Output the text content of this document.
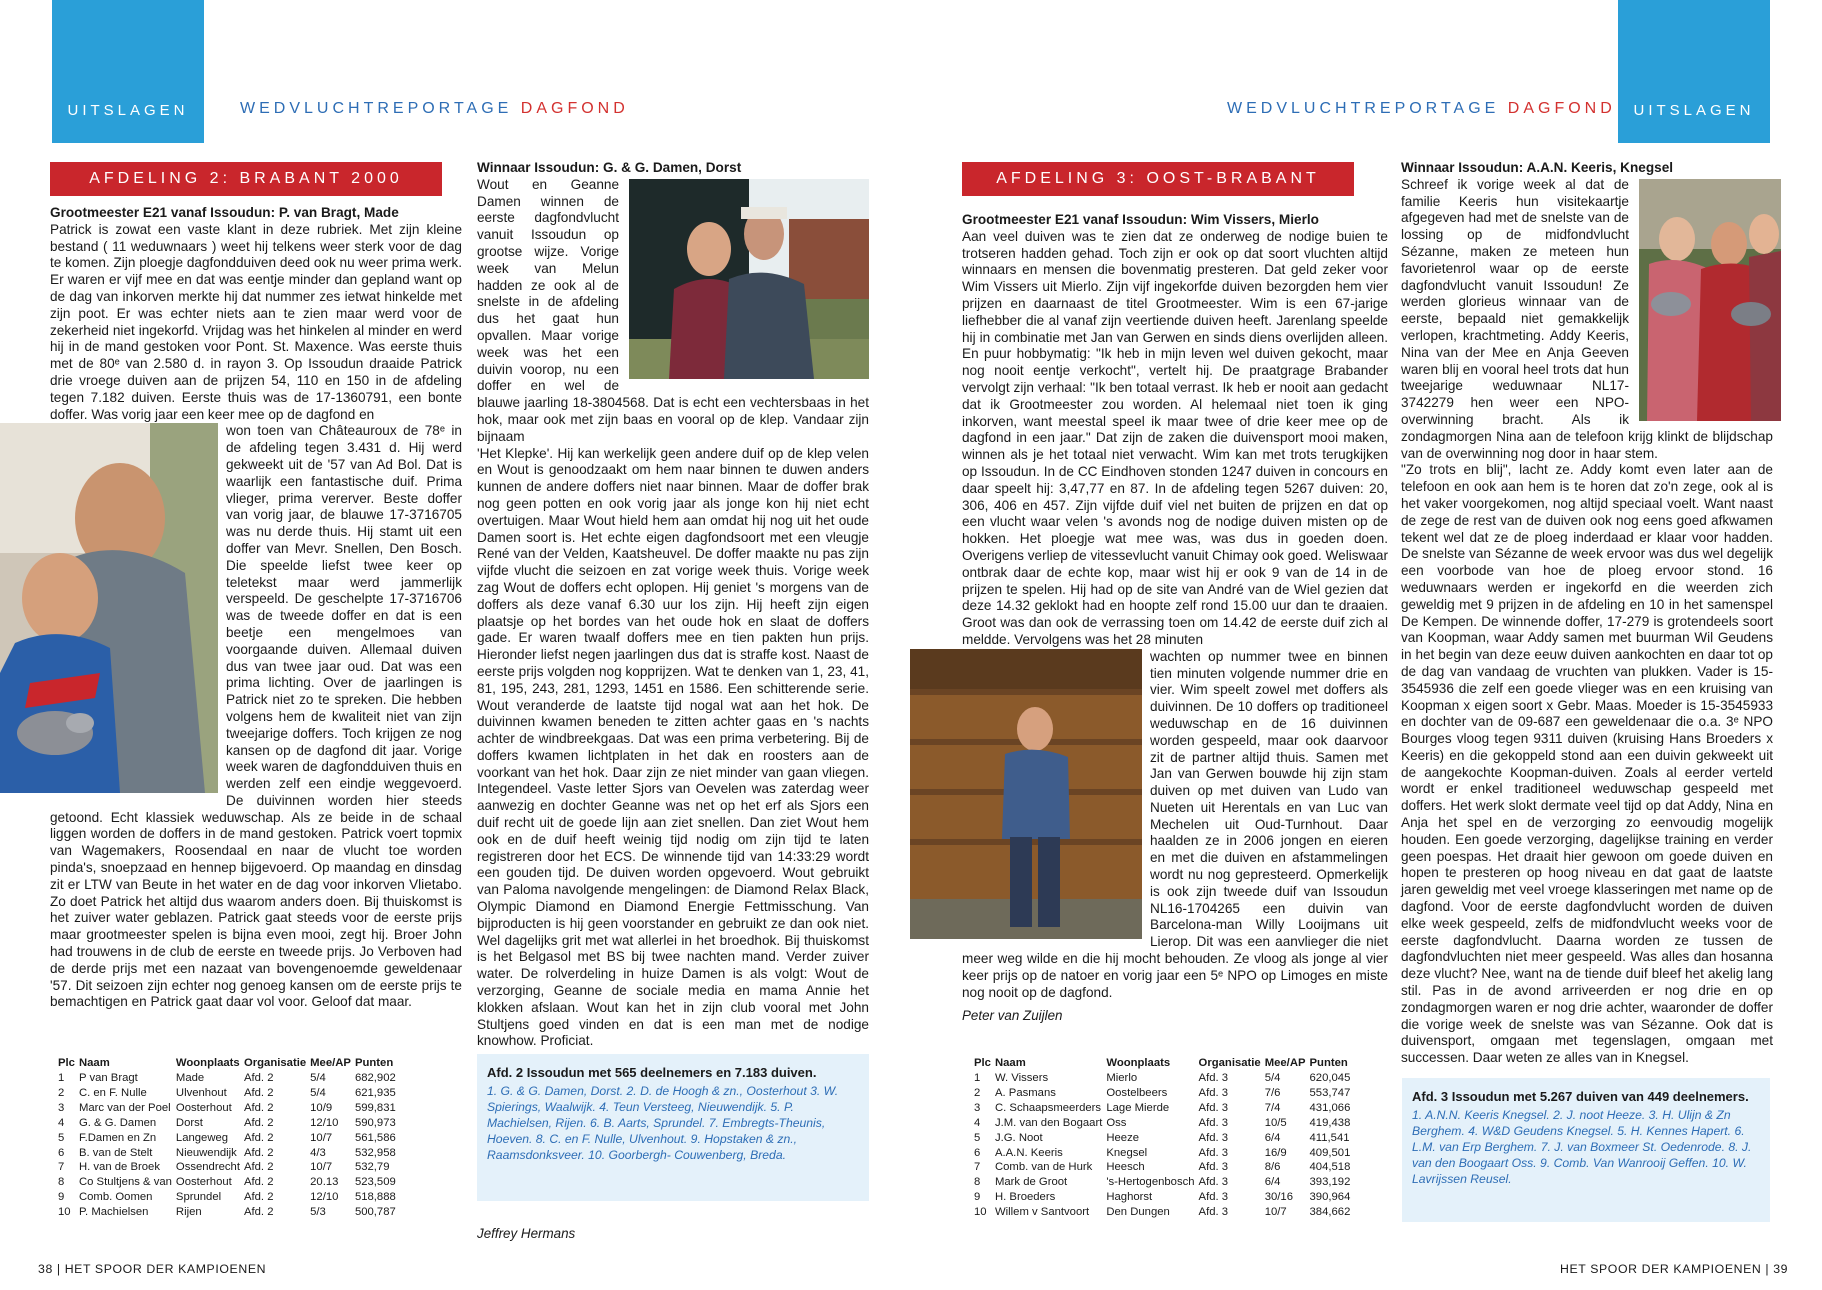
UITSLAGEN	UITSLAGEN
WEDVLUCHTREPORTAGE DAGFOND	WEDVLUCHTREPORTAGE DAGFOND
AFDELING 2: BRABANT 2000
Grootmeester E21 vanaf Issoudun: P. van Bragt, Made

Patrick is zowat een vaste klant in deze rubriek. Met zijn kleine bestand ( 11 weduwnaars ) weet hij telkens weer sterk voor de dag te komen. Zijn ploegje dagfondduiven deed ook nu weer prima werk. Er waren er vijf mee en dat was eentje minder dan gepland want op de dag van inkorven merkte hij dat nummer zes ietwat hinkelde met zijn poot. Er was echter niets aan te zien maar werd voor de zekerheid niet ingekorfd. Vrijdag was het hinkelen al minder en werd hij in de mand gestoken voor Pont. St. Maxence. Was eerste thuis met de 80ᵉ van 2.580 d. in rayon 3. Op Issoudun draaide Patrick drie vroege duiven aan de prijzen 54, 110 en 150 in de afdeling tegen 7.182 duiven. Eerste thuis was de 17-1360791, een bonte doffer. Was vorig jaar een keer mee op de dagfond en

won toen van Châteauroux de 78ᵉ in de afdeling tegen 3.431 d. Hij werd gekweekt uit de '57 van Ad Bol. Dat is waarlijk een fantastische duif. Prima vlieger, prima vererver. Beste doffer van vorig jaar, de blauwe 17-3716705 was nu derde thuis. Hij stamt uit een doffer van Mevr. Snellen, Den Bosch. Die speelde liefst twee keer op teletekst maar werd jammerlijk verspeeld. De geschelpte 17-3716706 was de tweede doffer en dat is een beetje een mengelmoes van voorgaande duiven. Allemaal duiven dus van twee jaar oud. Dat was een prima lichting. Over de jaarlingen is Patrick niet zo te spreken. Die hebben volgens hem de kwaliteit niet van zijn tweejarige doffers. Toch krijgen ze nog kansen op de dagfond dit jaar. Vorige week waren de dagfondduiven thuis en werden zelf een eindje weggevoerd. De duivinnen worden hier steeds getoond. Echt klassiek weduwschap. Als ze beide in de schaal liggen worden de doffers in de mand gestoken. Patrick voert topmix van Wagemakers, Roosendaal en naar de vlucht toe worden pinda's, snoepzaad en hennep bijgevoerd. Op maandag en dinsdag zit er LTW van Beute in het water en de dag voor inkorven Vlietabo. Zo doet Patrick het altijd dus waarom anders doen. Bij thuiskomst is het zuiver water geblazen. Patrick gaat steeds voor de eerste prijs maar grootmeester spelen is bijna even mooi, zegt hij. Broer John had trouwens in de club de eerste en tweede prijs. Jo Verboven had de derde prijs met een nazaat van bovengenoemde geweldenaar '57. Dit seizoen zijn echter nog genoeg kansen om de eerste prijs te bemachtigen en Patrick gaat daar vol voor. Geloof dat maar.

Winnaar Issoudun: G. & G. Damen, Dorst

Wout en Geanne Damen winnen de eerste dagfondvlucht vanuit Issoudun op grootse wijze. Vorige week van Melun hadden ze ook al de snelste in de afdeling dus het gaat hun opvallen. Maar vorige week was het een duivin voorop, nu een doffer en wel de blauwe jaarling 18-3804568. Dat is echt een vechtersbaas in het hok, maar ook met zijn baas en vooral op de klep. Vandaar zijn bijnaam

'Het Klepke'. Hij kan werkelijk geen andere duif op de klep velen en Wout is genoodzaakt om hem naar binnen te duwen anders kunnen de andere doffers niet naar binnen. Maar de doffer brak nog geen potten en ook vorig jaar als jonge kon hij niet echt overtuigen. Maar Wout hield hem aan omdat hij nog uit het oude Damen soort is. Het echte eigen dagfondsoort met een vleugje René van der Velden, Kaatsheuvel. De doffer maakte nu pas zijn vijfde vlucht die seizoen en zat vorige week thuis. Vorige week zag Wout de doffers echt oplopen. Hij geniet 's morgens van de doffers als deze vanaf 6.30 uur los zijn. Hij heeft zijn eigen plaatsje op het bordes van het oude hok en slaat de doffers gade. Er waren twaalf doffers mee en tien pakten hun prijs. Hieronder liefst negen jaarlingen dus dat is straffe kost. Naast de eerste prijs volgden nog kopprijzen. Wat te denken van 1, 23, 41, 81, 195, 243, 281, 1293, 1451 en 1586. Een schitterende serie. Wout veranderde de laatste tijd nogal wat aan het hok. De duivinnen kwamen beneden te zitten achter gaas en 's nachts achter de windbreekgaas. Dat was een prima verbetering. Bij de doffers kwamen lichtplaten in het dak en roosters aan de voorkant van het hok. Daar zijn ze niet minder van gaan vliegen. Integendeel. Vaste letter Sjors van Oevelen was zaterdag weer aanwezig en dochter Geanne was net op het erf als Sjors een duif recht uit de goede lijn aan ziet snellen. Dan ziet Wout hem ook en de duif heeft weinig tijd nodig om zijn tijd te laten registreren door het ECS. De winnende tijd van 14:33:29 wordt een gouden tijd. De duiven worden opgevoerd. Wout gebruikt van Paloma navolgende mengelingen: de Diamond Relax Black, Olympic Diamond en Diamond Energie Fettmisschung. Van bijproducten is hij geen voorstander en gebruikt ze dan ook niet. Wel dagelijks grit met wat allerlei in het broedhok. Bij thuiskomst is het Belgasol met BS bij twee nachten mand. Verder zuiver water. De rolverdeling in huize Damen is als volgt: Wout de verzorging, Geanne de sociale media en mama Annie het klokken afslaan. Wout kan het in zijn club vooral met John Stultjens goed vinden en dat is een man met de nodige knowhow. Proficiat.

Plc	Naam	Woonplaats	Organisatie	Mee/AP	Punten
1	P van Bragt	Made	Afd. 2	5/4	682,902
2	C. en F. Nulle	Ulvenhout	Afd. 2	5/4	621,935
3	Marc van der Poel	Oosterhout	Afd. 2	10/9	599,831
4	G. & G. Damen	Dorst	Afd. 2	12/10	590,973
5	F.Damen en Zn	Langeweg	Afd. 2	10/7	561,586
6	B. van de Stelt	Nieuwendijk	Afd. 2	4/3	532,958
7	H. van de Broek	Ossendrecht	Afd. 2	10/7	532,79
8	Co Stultjens & van	Oosterhout	Afd. 2	20.13	523,509
9	Comb. Oomen	Sprundel	Afd. 2	12/10	518,888
10	P. Machielsen	Rijen	Afd. 2	5/3	500,787
Afd. 2 Issoudun met 565 deelnemers en 7.183 duiven.
1. G. & G. Damen, Dorst. 2. D. de Hoogh & zn., Oosterhout 3. W. Spierings, Waalwijk. 4. Teun Versteeg, Nieuwendijk. 5. P. Machielsen, Rijen. 6. B. Aarts, Sprundel. 7. Embregts-Theunis, Hoeven. 8. C. en F. Nulle, Ulvenhout. 9. Hopstaken & zn., Raamsdonksveer. 10. Goorbergh- Couwenberg, Breda.
Jeffrey Hermans
38 | HET SPOOR DER KAMPIOENEN
AFDELING 3: OOST-BRABANT
Grootmeester E21 vanaf Issoudun: Wim Vissers, Mierlo

Aan veel duiven was te zien dat ze onderweg de nodige buien te trotseren hadden gehad. Toch zijn er ook op dat soort vluchten altijd winnaars en mensen die bovenmatig presteren. Dat geld zeker voor Wim Vissers uit Mierlo. Zijn vijf ingekorfde duiven bezorgden hem vier prijzen en daarnaast de titel Grootmeester. Wim is een 67-jarige liefhebber die al vanaf zijn veertiende duiven heeft. Jarenlang speelde hij in combinatie met Jan van Gerwen en sinds diens overlijden alleen. En puur hobbymatig: "Ik heb in mijn leven wel duiven gekocht, maar nog nooit eentje verkocht", vertelt hij. De praatgrage Brabander vervolgt zijn verhaal: "Ik ben totaal verrast. Ik heb er nooit aan gedacht dat ik Grootmeester zou worden. Al helemaal niet toen ik ging inkorven, want meestal speel ik maar twee of drie keer mee op de dagfond in een jaar." Dat zijn de zaken die duivensport mooi maken, winnen als je het totaal niet verwacht. Wim kan met trots terugkijken op Issoudun. In de CC Eindhoven stonden 1247 duiven in concours en daar speelt hij: 3,47,77 en 87. In de afdeling tegen 5267 duiven: 20, 306, 406 en 457. Zijn vijfde duif viel net buiten de prijzen en dat op een vlucht waar velen 's avonds nog de nodige duiven misten op de hokken. Het ploegje wat mee was, was dus in goeden doen. Overigens verliep de vitessevlucht vanuit Chimay ook goed. Weliswaar ontbrak daar de echte kop, maar wist hij er ook 9 van de 14 in de prijzen te spelen. Hij had op de site van André van de Wiel gezien dat deze 14.32 geklokt had en hoopte zelf rond 15.00 uur dan te draaien. Groot was dan ook de verrassing toen om 14.42 de eerste duif zich al meldde. Vervolgens was het 28 minuten

wachten op nummer twee en binnen tien minuten volgende nummer drie en vier. Wim speelt zowel met doffers als duivinnen. De 10 doffers op traditioneel weduwschap en de 16 duivinnen worden gespeeld, maar ook daarvoor zit de partner altijd thuis. Samen met Jan van Gerwen bouwde hij zijn stam duiven op met duiven van Ludo van Nueten uit Herentals en van Luc van Mechelen uit Oud-Turnhout. Daar haalden ze in 2006 jongen en eieren en met die duiven en afstammelingen wordt nu nog gepresteerd. Opmerkelijk is ook zijn tweede duif van Issoudun NL16-1704265 een duivin van Barcelona-man Willy Looijmans uit Lierop. Dit was een aanvlieger die niet meer weg wilde en die hij mocht behouden. Ze vloog als jonge al vier keer prijs op de natoer en vorig jaar een 5ᵉ NPO op Limoges en miste nog nooit op de dagfond.

Peter van Zuijlen
Winnaar Issoudun: A.A.N. Keeris, Knegsel

Schreef ik vorige week al dat de familie Keeris hun visitekaartje afgegeven had met de snelste van de lossing op de midfondvlucht Sézanne, maken ze meteen hun favorietenrol waar op de eerste dagfondvlucht vanuit Issoudun! Ze werden glorieus winnaar van de eerste, bepaald niet gemakkelijk verlopen, krachtmeting. Addy Keeris, Nina van der Mee en Anja Geeven waren blij en vooral heel trots dat hun tweejarige weduwnaar NL17-3742279 hen weer een NPO-overwinning bracht. Als ik zondagmorgen Nina aan de telefoon krijg klinkt de blijdschap van de overwinning nog door in haar stem.

"Zo trots en blij", lacht ze. Addy komt even later aan de telefoon en ook aan hem is te horen dat zo'n zege, ook al is het vaker voorgekomen, nog altijd speciaal voelt. Want naast de zege de rest van de duiven ook nog eens goed afkwamen tekent wel dat ze de ploeg inderdaad er klaar voor hadden. De snelste van Sézanne de week ervoor was dus wel degelijk een voorbode van hoe de ploeg ervoor stond. 16 weduwnaars werden er ingekorfd en die weerden zich geweldig met 9 prijzen in de afdeling en 10 in het samenspel De Kempen. De winnende doffer, 17-279 is grotendeels soort van Koopman, waar Addy samen met buurman Wil Geudens in het begin van deze eeuw duiven aankochten en daar tot op de dag van vandaag de vruchten van plukken. Vader is 15-3545936 die zelf een goede vlieger was en een kruising van Koopman x eigen soort x Gebr. Maas. Moeder is 15-3545933 en dochter van de 09-687 een geweldenaar die o.a. 3ᵉ NPO Bourges vloog tegen 9311 duiven (kruising Hans Broeders x Keeris) en die gekoppeld stond aan een duivin gekweekt uit de aangekochte Koopman-duiven. Zoals al eerder verteld wordt er enkel traditioneel weduwschap gespeeld met doffers. Het werk slokt dermate veel tijd op dat Addy, Nina en Anja het spel en de verzorging zo eenvoudig mogelijk houden. Een goede verzorging, dagelijkse training en verder geen poespas. Het draait hier gewoon om goede duiven en hopen te presteren op hoog niveau en dat gaat de laatste jaren geweldig met veel vroege klasseringen met name op de dagfond. Voor de eerste dagfondvlucht worden de duiven elke week gespeeld, zelfs de midfondvlucht weeks voor de eerste dagfondvlucht. Daarna worden ze tussen de dagfondvluchten niet meer gespeeld. Was alles dan hosanna deze vlucht? Nee, want na de tiende duif bleef het akelig lang stil. Pas in de avond arriveerden er nog drie en op zondagmorgen waren er nog drie achter, waaronder de doffer die vorige week de snelste was van Sézanne. Ook dat is duivensport, omgaan met tegenslagen, omgaan met successen. Daar weten ze alles van in Knegsel.

Plc	Naam	Woonplaats	Organisatie	Mee/AP	Punten
1	W. Vissers	Mierlo	Afd. 3	5/4	620,045
2	A. Pasmans	Oostelbeers	Afd. 3	7/6	553,747
3	C. Schaapsmeerders	Lage Mierde	Afd. 3	7/4	431,066
4	J.M. van den Bogaart	Oss	Afd. 3	10/5	419,438
5	J.G. Noot	Heeze	Afd. 3	6/4	411,541
6	A.A.N. Keeris	Knegsel	Afd. 3	16/9	409,501
7	Comb. van de Hurk	Heesch	Afd. 3	8/6	404,518
8	Mark de Groot	's-Hertogenbosch	Afd. 3	6/4	393,192
9	H. Broeders	Haghorst	Afd. 3	30/16	390,964
10	Willem v Santvoort	Den Dungen	Afd. 3	10/7	384,662
Afd. 3 Issoudun met 5.267 duiven van 449 deelnemers.
1. A.N.N. Keeris Knegsel. 2. J. noot Heeze. 3. H. Ulijn & Zn Berghem. 4. W&D Geudens Knegsel. 5. H. Kennes Hapert. 6. L.M. van Erp Berghem. 7. J. van Boxmeer St. Oedenrode. 8. J. van den Boogaart Oss. 9. Comb. Van Wanrooij Geffen. 10. W. Lavrijssen Reusel.
HET SPOOR DER KAMPIOENEN | 39
